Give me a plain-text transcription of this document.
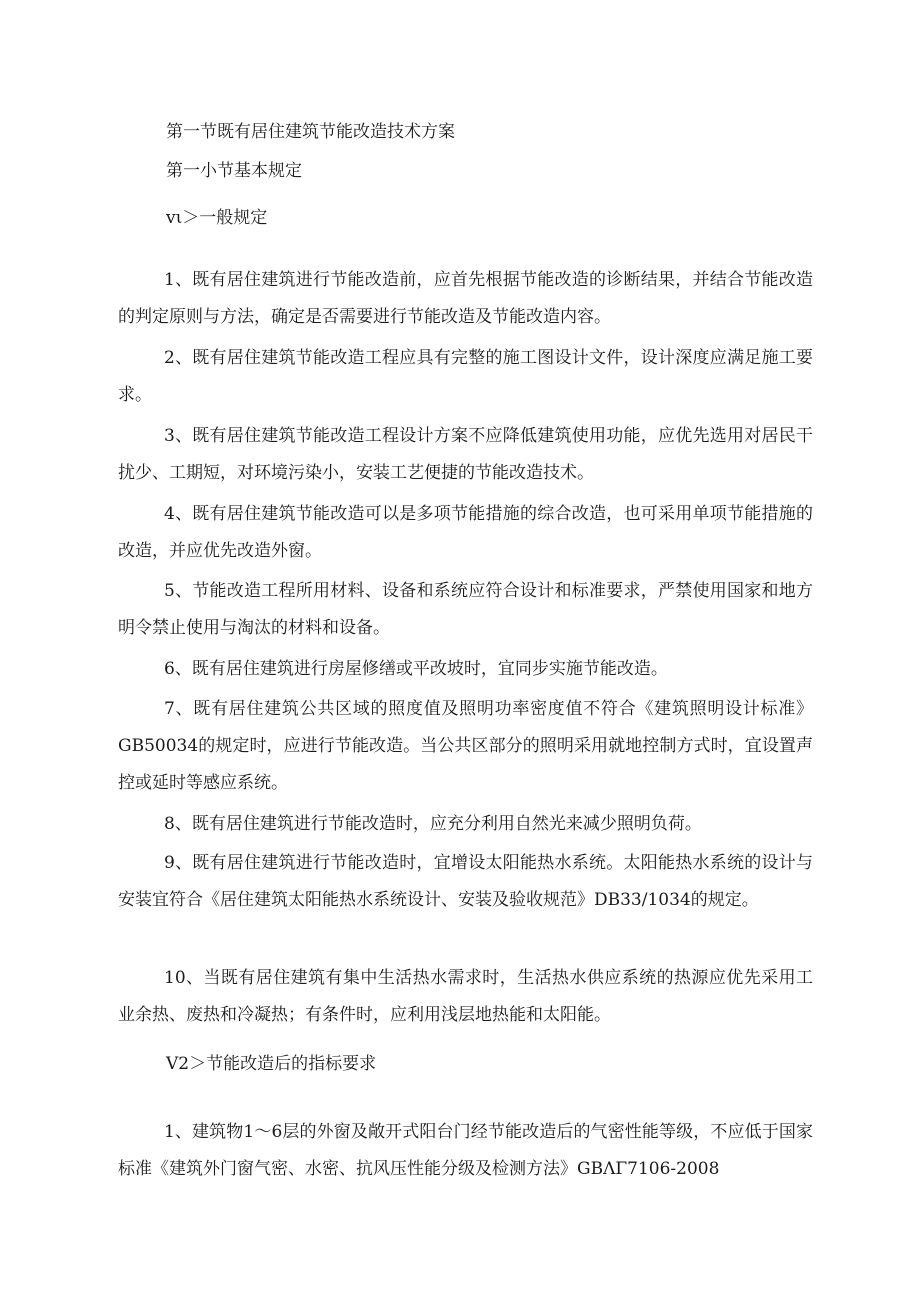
第一节既有居住建筑节能改造技术方案
第一小节基本规定
vι＞一般规定
1、既有居住建筑进行节能改造前，应首先根据节能改造的诊断结果，并结合节能改造的判定原则与方法，确定是否需要进行节能改造及节能改造内容。
2、既有居住建筑节能改造工程应具有完整的施工图设计文件，设计深度应满足施工要求。
3、既有居住建筑节能改造工程设计方案不应降低建筑使用功能，应优先选用对居民干扰少、工期短，对环境污染小，安装工艺便捷的节能改造技术。
4、既有居住建筑节能改造可以是多项节能措施的综合改造，也可采用单项节能措施的改造，并应优先改造外窗。
5、节能改造工程所用材料、设备和系统应符合设计和标准要求，严禁使用国家和地方明令禁止使用与淘汰的材料和设备。
6、既有居住建筑进行房屋修缮或平改坡时，宜同步实施节能改造。
7、既有居住建筑公共区域的照度值及照明功率密度值不符合《建筑照明设计标准》GB50034的规定时，应进行节能改造。当公共区部分的照明采用就地控制方式时，宜设置声控或延时等感应系统。
8、既有居住建筑进行节能改造时，应充分利用自然光来减少照明负荷。
9、既有居住建筑进行节能改造时，宜增设太阳能热水系统。太阳能热水系统的设计与安装宜符合《居住建筑太阳能热水系统设计、安装及验收规范》DB33/1034的规定。
10、当既有居住建筑有集中生活热水需求时，生活热水供应系统的热源应优先采用工业余热、废热和冷凝热；有条件时，应利用浅层地热能和太阳能。
V2＞节能改造后的指标要求
1、建筑物1～6层的外窗及敞开式阳台门经节能改造后的气密性能等级，不应低于国家标准《建筑外门窗气密、水密、抗风压性能分级及检测方法》GBΛΓ7106-2008
